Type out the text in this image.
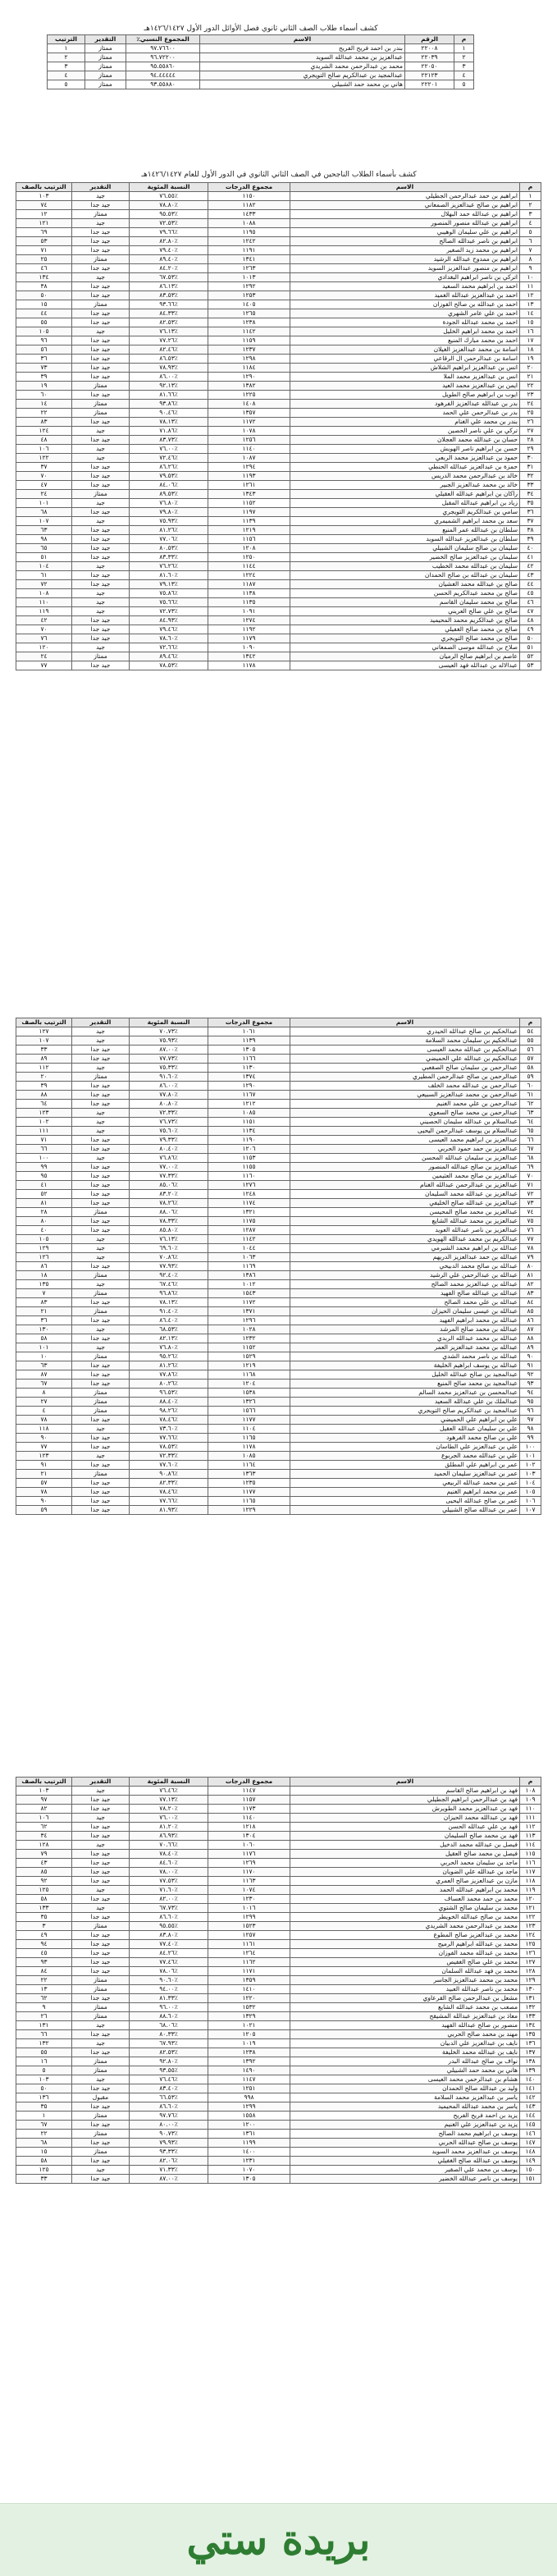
كشف أسماء طلاب الصف الثاني ثانوي فصل الأوائل الدور الأول ١٤٢٦/١٤٢٧هـ
م	الرقم	الاسم	المجموع النسبي٪	التقدير	الترتيب
١	٢٢٠٠٨	بندر بن احمد فريح الفريح	٩٧.٧٦٦٠٠	ممتاز	١
٢	٢٢٠٣٩	عبدالعزيز بن محمد عبدالله السويد	٩٦.٧٢٢٠٠	ممتاز	٢
٣	٢٢٠٥٠	محمد بن عبدالرحمن محمد الشريدي	٩٥.٥٥٨٦٠	ممتاز	٣
٤	٢٢١٢٣	عبدالمجيد بن عبدالكريم صالح التويجري	٩٤.٤٤٤٤٤	ممتاز	٤
٥	٢٢٢٠١	هاني بن محمد حمد الشبيلي	٩٣.٥٥٨٨٠	ممتاز	٥
كشف بأسماء الطلاب الناجحين في الصف الثاني الثانوي في الدور الأول للعام ١٤٢٦/١٤٢٧هـ
م	الاسم	مجموع الدرجات	النسبة المئوية	التقدير	الترتيب بالصف
١	ابراهيم بن حمد عبدالرحمن الجطيلي	١١٥٠	٪٧٦.٥٥	جيد	١٠٣
٢	ابراهيم بن صالح عبدالعزيز الصمعاني	١١٨٢	٪٧٨.٨٠	جيد جدا	٧٤
٣	ابراهيم بن عبدالله حمد البهلال	١٤٣٣	٪٩٥.٥٣	ممتاز	١٢
٤	ابراهيم بن عبدالله منصور المنصور	١٠٨٨	٪٧٢.٥٣	جيد	١٢١
٥	ابراهيم بن علي سليمان الوهيبي	١١٩٥	٪٧٩.٦٦	جيد جدا	٦٩
٦	ابراهيم بن ناصر عبدالله الصالح	١٢٤٢	٪٨٢.٨٠	جيد جدا	٥٣
٧	ابراهيم بن محمد زيد الصغير	١١٩١	٪٧٩.٤٠	جيد جدا	٧١
٨	ابراهيم بن ممدوح عبدالله الرشيد	١٣٤١	٪٨٩.٤٠	ممتاز	٢٥
٩	ابراهيم بن منصور عبدالعزيز السويد	١٢٦٣	٪٨٤.٢٠	جيد جدا	٤٦
١٠	اتركي بن ناصر ابراهيم البغدادي	١٠١٣	٪٦٧.٥٣	جيد	١٣٤
١١	احمد بن ابراهيم محمد السعيد	١٢٩٢	٪٨٦.١٣	جيد جدا	٣٨
١٢	احمد بن عبدالعزيز عبدالله الغميد	١٢٥٣	٪٨٣.٥٣	جيد جدا	٥٠
١٣	احمد بن عبدالله بن صالح الفوزان	١٤٠٥	٪٩٣.٦٦	ممتاز	١٥
١٤	احمد بن علي عامر الشهري	١٢٦٥	٪٨٤.٣٣	جيد جدا	٤٤
١٥	احمد بن محمد عبدالله الجودة	١٢٣٨	٪٨٢.٥٣	جيد جدا	٥٥
١٦	احمد بن محمد ابراهيم الخليل	١١٤٢	٪٧٦.١٣	جيد	١٠٥
١٧	احمد بن محمد مبارك المنيع	١١٥٩	٪٧٧.٢٦	جيد جدا	٩٦
١٨	اسامة بن محمد عبدالعزيز الغيلان	١٢٣٧	٪٨٢.٤٦	جيد جدا	٥٦
١٩	اسامة بن عبدالرحمن ال الرقاعي	١٢٩٨	٪٨٦.٥٣	جيد جدا	٣٦
٢٠	انس بن عبدالعزيز ابراهيم الشلاش	١١٨٤	٪٧٨.٩٣	جيد جدا	٧٣
٢١	انس بن عبدالعزيز محمد الملا	١٢٩٠	٪٨٦.٠٠	جيد جدا	٣٩
٢٢	ايمن بن عبدالعزيز محمد العيد	١٣٨٢	٪٩٢.١٣	ممتاز	١٩
٢٣	ايوب بن ابراهيم صالح الطويل	١٢٢٥	٪٨١.٦٦	جيد جدا	٦٠
٢٤	بدر بن عبدالله عبدالعزيز الفرهود	١٤٠٨	٪٩٣.٨٦	ممتاز	١٤
٢٥	بدر بن عبدالرحمن علي الحمد	١٣٥٧	٪٩٠.٤٦	ممتاز	٢٢
٢٦	بندر بن محمد علي الغنام	١١٧٢	٪٧٨.١٣	جيد جدا	٨٣
٢٧	تركي بن علي ناصر الحصين	١٠٧٨	٪٧١.٨٦	جيد	١٢٤
٢٨	حسان بن عبدالله محمد العجلان	١٢٥٦	٪٨٣.٧٣	جيد جدا	٤٨
٢٩	حسن بن ابراهيم ناصر الهويش	١١٤٠	٪٧٦.٠٠	جيد	١٠٦
٣٠	حمود بن عبدالعزيز محمد الربعي	١٠٨٧	٪٧٢.٤٦	جيد	١٢٢
٣١	حمزة بن عبدالعزيز عبدالله الحنطي	١٢٩٤	٪٨٦.٢٦	جيد جدا	٣٧
٣٢	خالد بن عبدالرحمن محمد الدريس	١١٩٣	٪٧٩.٥٣	جيد جدا	٧٠
٣٣	خالد بن محمد عبدالعزيز الجبير	١٢٦١	٪٨٤.٠٦	جيد جدا	٤٧
٣٤	راكان بن ابراهيم عبدالله العقيلي	١٣٤٣	٪٨٩.٥٣	ممتاز	٢٤
٣٥	زياد بن ابراهيم عبدالله المقبل	١١٥٢	٪٧٦.٨٠	جيد	١٠١
٣٦	سامي بن عبدالكريم التويجري	١١٩٧	٪٧٩.٨٠	جيد جدا	٦٨
٣٧	سعد بن محمد ابراهيم الشميمري	١١٣٩	٪٧٥.٩٣	جيد	١٠٧
٣٨	سلطان بن عبدالله عمر المنيع	١٢١٩	٪٨١.٢٦	جيد جدا	٦٣
٣٩	سلطان بن عبدالعزيز عبدالله السويد	١١٥٦	٪٧٧.٠٦	جيد جدا	٩٨
٤٠	سليمان بن صالح سليمان الشبيلي	١٢٠٨	٪٨٠.٥٣	جيد جدا	٦٥
٤١	سليمان بن عبدالعزيز صالح الخضير	١٢٥٠	٪٨٣.٣٣	جيد جدا	٥١
٤٢	سليمان بن عبدالله محمد الخطيب	١١٤٤	٪٧٦.٢٦	جيد	١٠٤
٤٣	سليمان بن عبدالله بن صالح الحمدان	١٢٢٤	٪٨١.٦٠	جيد جدا	٦١
٤٤	صالح بن عبدالله محمد الغشيان	١١٨٧	٪٧٩.١٣	جيد جدا	٧٢
٤٥	صالح بن محمد عبدالكريم الحسن	١١٣٨	٪٧٥.٨٦	جيد	١٠٨
٤٦	صالح بن محمد سليمان القاسم	١١٣٥	٪٧٥.٦٦	جيد	١١٠
٤٧	صالح بن علي صالح العريني	١٠٩١	٪٧٢.٧٣	جيد	١١٩
٤٨	صالح بن عبدالكريم محمد المحيميد	١٢٧٤	٪٨٤.٩٣	جيد جدا	٤٢
٤٩	صالح بن محمد صالح الغفيلي	١١٩٢	٪٧٩.٤٦	جيد جدا	٧٠
٥٠	صالح بن محمد صالح التويجري	١١٧٩	٪٧٨.٦٠	جيد جدا	٧٦
٥١	صلاح بن عبدالله موسى الصمعاني	١٠٩٠	٪٧٢.٦٦	جيد	١٢٠
٥٢	عاصم بن ابراهيم صالح الرميان	١٣٤٢	٪٨٩.٤٦	ممتاز	٢٤
٥٣	عبدالاله بن عبدالله فهد العيسى	١١٧٨	٪٧٨.٥٣	جيد جدا	٧٧
م	الاسم	مجموع الدرجات	النسبة المئوية	التقدير	الترتيب بالصف
٥٤	عبدالحكيم بن صالح عبدالله الحيدري	١٠٦١	٪٧٠.٧٣	جيد	١٢٧
٥٥	عبدالحكيم بن سليمان محمد السلامة	١١٣٩	٪٧٥.٩٣	جيد	١٠٧
٥٦	عبدالحكيم بن عبدالله محمد العيسى	١٣٠٥	٪٨٧.٠٠	جيد جدا	٣٣
٥٧	عبدالحكيم بن عبدالله علي الحميضي	١١٦٦	٪٧٧.٧٣	جيد جدا	٨٩
٥٨	عبدالرحمن بن سليمان صالح الصقعبي	١١٣٠	٪٧٥.٣٣	جيد	١١٢
٥٩	عبدالرحمن بن صالح عبدالرحمن المطيري	١٣٧٤	٪٩١.٦٠	ممتاز	٢٠
٦٠	عبدالرحمن بن عبدالله محمد الخلف	١٢٩٠	٪٨٦.٠٠	جيد جدا	٣٩
٦١	عبدالرحمن بن محمد عبدالعزيز السبيعي	١١٦٧	٪٧٧.٨٠	جيد جدا	٨٨
٦٢	عبدالرحمن بن علي محمد الغنيم	١٢١٢	٪٨٠.٨٠	جيد جدا	٦٤
٦٣	عبدالرحمن بن محمد صالح السعوي	١٠٨٥	٪٧٢.٣٣	جيد	١٢٣
٦٤	عبدالسلام بن عبدالله سليمان الحصيني	١١٥١	٪٧٦.٧٣	جيد	١٠٢
٦٥	عبدالسلام بن يوسف عبدالرحمن اليحيى	١١٣٤	٪٧٥.٦٠	جيد	١١١
٦٦	عبدالعزيز بن ابراهيم محمد العيسى	١١٩٠	٪٧٩.٣٣	جيد جدا	٧١
٦٧	عبدالعزيز بن حمد حمود الحربي	١٢٠٦	٪٨٠.٤٠	جيد جدا	٦٦
٦٨	عبدالعزيز بن سليمان عبدالله المحسن	١١٥٣	٪٧٦.٨٦	جيد	١٠٠
٦٩	عبدالعزيز بن صالح عبدالله المنصور	١١٥٥	٪٧٧.٠٠	جيد جدا	٩٩
٧٠	عبدالعزيز بن صالح محمد العثيمين	١١٦٠	٪٧٧.٣٣	جيد جدا	٩٥
٧١	عبدالعزيز بن عبدالرحمن عبدالله الغنام	١٢٧٦	٪٨٥.٠٦	جيد جدا	٤١
٧٢	عبدالعزيز بن عبدالله محمد السليمان	١٢٤٨	٪٨٣.٢٠	جيد جدا	٥٢
٧٣	عبدالعزيز بن عبدالله صالح الخليفي	١١٧٤	٪٧٨.٢٦	جيد جدا	٨١
٧٤	عبدالعزيز بن محمد صالح المحيسن	١٣٢١	٪٨٨.٠٦	ممتاز	٢٨
٧٥	عبدالعزيز بن محمد عبدالله الشايع	١١٧٥	٪٧٨.٣٣	جيد جدا	٨٠
٧٦	عبدالعزيز بن ناصر عبدالله العويد	١٢٨٧	٪٨٥.٨٠	جيد جدا	٤٠
٧٧	عبدالكريم بن محمد عبدالله الهويدي	١١٤٢	٪٧٦.١٣	جيد	١٠٥
٧٨	عبدالله بن ابراهيم محمد الشبرمي	١٠٤٤	٪٦٩.٦٠	جيد	١٢٩
٧٩	عبدالله بن حمد عبدالعزيز الدريهم	١٠٦٣	٪٧٠.٨٦	جيد	١٢٦
٨٠	عبدالله بن صالح محمد الدبيخي	١١٦٩	٪٧٧.٩٣	جيد جدا	٨٦
٨١	عبدالله بن عبدالرحمن علي الرشيد	١٣٨٦	٪٩٢.٤٠	ممتاز	١٨
٨٢	عبدالله بن عبدالعزيز محمد الصالح	١٠١٢	٪٦٧.٤٦	جيد	١٣٥
٨٣	عبدالله بن عبدالله صالح الفهيد	١٥٤٣	٪٩٦.٨٦	ممتاز	٧
٨٤	عبدالله بن علي محمد الصالح	١١٧٢	٪٧٨.١٣	جيد جدا	٨٣
٨٥	عبدالله بن عيسى سليمان الحيزان	١٣٧١	٪٩١.٤٠	ممتاز	٢١
٨٦	عبدالله بن محمد ابراهيم الفهيد	١٢٩٦	٪٨٦.٤٠	جيد جدا	٣٦
٨٧	عبدالله بن محمد صالح المرشد	١٠٢٨	٪٦٨.٥٣	جيد	١٣٠
٨٨	عبدالله بن محمد عبدالله الربدي	١٢٣٢	٪٨٢.١٣	جيد جدا	٥٨
٨٩	عبدالله بن محمد عبدالعزيز العمر	١١٥٢	٪٧٦.٨٠	جيد	١٠١
٩٠	عبدالله بن ناصر محمد الشدي	١٥٢٩	٪٩٥.٢٦	ممتاز	١٠
٩١	عبدالله بن يوسف ابراهيم الخليفة	١٢١٩	٪٨١.٢٦	جيد جدا	٦٣
٩٢	عبدالمجيد بن صالح عبدالله الخليل	١١٦٨	٪٧٧.٨٦	جيد جدا	٨٧
٩٣	عبدالمجيد بن محمد صالح المنيع	١٢٠٤	٪٨٠.٢٦	جيد جدا	٦٧
٩٤	عبدالمحسن بن عبدالعزيز محمد السالم	١٥٣٨	٪٩٦.٥٣	ممتاز	٨
٩٥	عبدالملك بن علي عبدالله السعيد	١٣٢٦	٪٨٨.٤٠	ممتاز	٢٧
٩٦	عبدالمجيد بن عبدالكريم صالح التويجري	١٥٦٦	٪٩٨.٢٦	ممتاز	٤
٩٧	علي بن ابراهيم علي الحميضي	١١٧٧	٪٧٨.٤٦	جيد جدا	٧٨
٩٨	علي بن سليمان عبدالله العقيل	١١٠٤	٪٧٣.٦٠	جيد	١١٨
٩٩	علي بن صالح محمد الفرهود	١١٦٥	٪٧٧.٦٦	جيد جدا	٩٠
١٠٠	علي بن عبدالعزيز علي الطاسان	١١٧٨	٪٧٨.٥٣	جيد جدا	٧٧
١٠١	علي بن عبدالله محمد الجربوع	١٠٨٥	٪٧٢.٣٣	جيد	١٢٣
١٠٢	عمر بن ابراهيم علي المطلق	١١٦٤	٪٧٧.٦٠	جيد جدا	٩١
١٠٣	عمر بن عبدالعزيز سليمان الحميد	١٣٦٣	٪٩٠.٨٦	ممتاز	٢١
١٠٤	عمر بن محمد عبدالله الربيعي	١٢٣٥	٪٨٢.٣٣	جيد جدا	٥٧
١٠٥	عمر بن محمد ابراهيم الغنيم	١١٧٧	٪٧٨.٤٦	جيد جدا	٧٨
١٠٦	عمر بن صالح عبدالله اليحيى	١١٦٥	٪٧٧.٦٦	جيد جدا	٩٠
١٠٧	عمر بن عبدالله صالح الشبيلي	١٢٢٩	٪٨١.٩٣	جيد جدا	٥٩
م	الاسم	مجموع الدرجات	النسبة المئوية	التقدير	الترتيب بالصف
١٠٨	فهد بن ابراهيم صالح القاسم	١١٤٧	٪٧٦.٤٦	جيد	١٠٣
١٠٩	فهد بن عبدالرحمن ابراهيم الجطيلي	١١٥٧	٪٧٧.١٣	جيد جدا	٩٧
١١٠	فهد بن عبدالعزيز محمد الطويرش	١١٧٣	٪٧٨.٢٠	جيد جدا	٨٢
١١١	فهد بن عبدالله محمد الحيزان	١١٤٠	٪٧٦.٠٠	جيد	١٠٦
١١٢	فهد بن علي عبدالله الحسن	١٢١٨	٪٨١.٢٠	جيد جدا	٦٢
١١٣	فهد بن محمد صالح السليمان	١٣٠٤	٪٨٦.٩٣	جيد جدا	٣٤
١١٤	فيصل بن عبدالله محمد الدخيل	١٠٦٠	٪٧٠.٦٦	جيد	١٢٨
١١٥	فيصل بن محمد صالح العقيل	١١٧٦	٪٧٨.٤٠	جيد جدا	٧٩
١١٦	ماجد بن سليمان محمد الحربي	١٢٦٩	٪٨٤.٦٠	جيد جدا	٤٣
١١٧	ماجد بن عبدالله علي الضويان	١١٧٠	٪٧٨.٠٠	جيد جدا	٨٥
١١٨	مازن بن عبدالعزيز صالح العمري	١١٦٣	٪٧٧.٥٣	جيد جدا	٩٢
١١٩	محمد بن ابراهيم عبدالله الحمد	١٠٧٤	٪٧١.٦٠	جيد	١٢٥
١٢٠	محمد بن حمد محمد العساف	١٢٣٠	٪٨٢.٠٠	جيد جدا	٥٨
١٢١	محمد بن سليمان صالح الشتوي	١٠١٦	٪٦٧.٧٣	جيد	١٣٣
١٢٢	محمد بن صالح عبدالله الخويطر	١٢٩٩	٪٨٦.٦٠	جيد جدا	٣٥
١٢٣	محمد بن عبدالرحمن محمد الشريدي	١٥٢٣	٪٩٥.٥٥	ممتاز	٣
١٢٤	محمد بن عبدالعزيز صالح المطوع	١٢٥٧	٪٨٣.٨٠	جيد جدا	٤٩
١٢٥	محمد بن عبدالله ابراهيم الرميح	١١٦١	٪٧٧.٤٠	جيد جدا	٩٤
١٢٦	محمد بن عبدالله محمد الفوزان	١٢٦٤	٪٨٤.٢٦	جيد جدا	٤٥
١٢٧	محمد بن علي صالح الغفيص	١١٦٢	٪٧٧.٤٦	جيد جدا	٩٣
١٢٨	محمد بن فهد عبدالله السلمان	١١٧١	٪٧٨.٠٦	جيد جدا	٨٤
١٢٩	محمد بن محمد عبدالعزيز الجاسر	١٣٥٩	٪٩٠.٦٠	ممتاز	٢٢
١٣٠	محمد بن ناصر عبدالله العبيد	١٤١٠	٪٩٤.٠٠	ممتاز	١٣
١٣١	مشعل بن عبدالرحمن صالح القرعاوي	١٢٢٠	٪٨١.٣٣	جيد جدا	٦٢
١٣٢	مصعب بن محمد عبدالله الشايع	١٥٣٢	٪٩٦.٠٠	ممتاز	٩
١٣٣	معاذ بن عبدالعزيز عبدالله المشيقح	١٣٢٩	٪٨٨.٦٠	ممتاز	٢٦
١٣٤	منصور بن صالح عبدالله الفهيد	١٠٢١	٪٦٨.٠٦	جيد	١٣١
١٣٥	مهند بن محمد صالح الحربي	١٢٠٥	٪٨٠.٣٣	جيد جدا	٦٦
١٣٦	نايف بن عبدالعزيز علي الدبيان	١٠١٩	٪٦٧.٩٣	جيد	١٣٢
١٣٧	نايف بن عبدالله محمد الخليفة	١٢٣٨	٪٨٢.٥٣	جيد جدا	٥٥
١٣٨	نواف بن صالح عبدالله البدر	١٣٩٢	٪٩٢.٨٠	ممتاز	١٦
١٣٩	هاني بن محمد حمد الشبيلي	١٤٩٠	٪٩٣.٥٥	ممتاز	٥
١٤٠	هشام بن عبدالرحمن محمد العيسى	١١٤٧	٪٧٦.٤٦	جيد	١٠٣
١٤١	وليد بن عبدالله صالح الحمدان	١٢٥١	٪٨٣.٤٠	جيد جدا	٥٠
١٤٢	ياسر بن عبدالعزيز محمد السلامة	٩٩٨	٪٦٦.٥٣	مقبول	١٣٦
١٤٣	ياسر بن محمد عبدالله المحيميد	١٢٩٩	٪٨٦.٦٠	جيد جدا	٣٥
١٤٤	يزيد بن احمد فريح الفريح	١٥٥٨	٪٩٧.٧٦	ممتاز	١
١٤٥	يزيد بن عبدالعزيز علي الغنيم	١٢٠٠	٪٨٠.٠٠	جيد جدا	٦٧
١٤٦	يوسف بن ابراهيم محمد الصالح	١٣٦١	٪٩٠.٧٣	ممتاز	٢٢
١٤٧	يوسف بن صالح عبدالله الحربي	١١٩٩	٪٧٩.٩٣	جيد جدا	٦٨
١٤٨	يوسف بن عبدالعزيز محمد السويد	١٤٠٠	٪٩٣.٣٣	ممتاز	١٥
١٤٩	يوسف بن عبدالله صالح الغفيلي	١٢٣١	٪٨٢.٠٦	جيد جدا	٥٨
١٥٠	يوسف بن محمد علي الصقير	١٠٧٠	٪٧١.٣٣	جيد	١٢٥
١٥١	يوسف بن ناصر عبدالله الخضير	١٣٠٥	٪٨٧.٠٠	جيد جدا	٣٣
بريدة ستي
